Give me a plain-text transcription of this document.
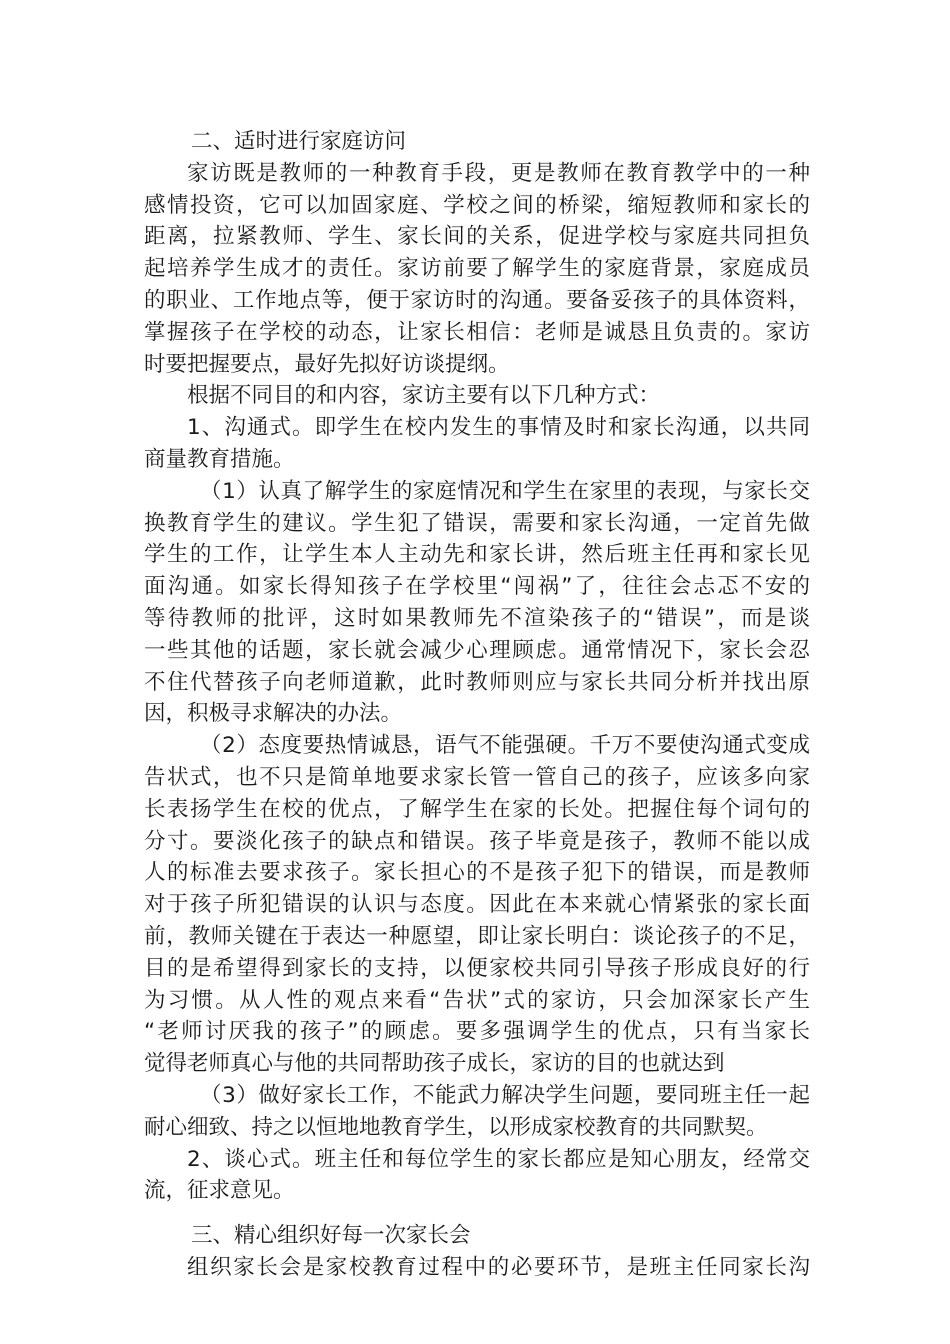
二、适时进行家庭访问
家访既是教师的一种教育手段，更是教师在教育教学中的一种
感情投资，它可以加固家庭、学校之间的桥梁，缩短教师和家长的
距离，拉紧教师、学生、家长间的关系，促进学校与家庭共同担负
起培养学生成才的责任。家访前要了解学生的家庭背景，家庭成员
的职业、工作地点等，便于家访时的沟通。要备妥孩子的具体资料，
掌握孩子在学校的动态，让家长相信：老师是诚恳且负责的。家访
时要把握要点，最好先拟好访谈提纲。
根据不同目的和内容，家访主要有以下几种方式：
1、沟通式。即学生在校内发生的事情及时和家长沟通，以共同
商量教育措施。
（1）认真了解学生的家庭情况和学生在家里的表现，与家长交
换教育学生的建议。学生犯了错误，需要和家长沟通，一定首先做
学生的工作，让学生本人主动先和家长讲，然后班主任再和家长见
面沟通。如家长得知孩子在学校里“闯祸”了，往往会忐忑不安的
等待教师的批评，这时如果教师先不渲染孩子的“错误”，而是谈
一些其他的话题，家长就会减少心理顾虑。通常情况下，家长会忍
不住代替孩子向老师道歉，此时教师则应与家长共同分析并找出原
因，积极寻求解决的办法。
（2）态度要热情诚恳，语气不能强硬。千万不要使沟通式变成
告状式，也不只是简单地要求家长管一管自己的孩子，应该多向家
长表扬学生在校的优点，了解学生在家的长处。把握住每个词句的
分寸。要淡化孩子的缺点和错误。孩子毕竟是孩子，教师不能以成
人的标准去要求孩子。家长担心的不是孩子犯下的错误，而是教师
对于孩子所犯错误的认识与态度。因此在本来就心情紧张的家长面
前，教师关键在于表达一种愿望，即让家长明白：谈论孩子的不足，
目的是希望得到家长的支持，以便家校共同引导孩子形成良好的行
为习惯。从人性的观点来看“告状”式的家访，只会加深家长产生
“老师讨厌我的孩子”的顾虑。要多强调学生的优点，只有当家长
觉得老师真心与他的共同帮助孩子成长，家访的目的也就达到
（3）做好家长工作，不能武力解决学生问题，要同班主任一起
耐心细致、持之以恒地地教育学生，以形成家校教育的共同默契。
2、谈心式。班主任和每位学生的家长都应是知心朋友，经常交
流，征求意见。
三、精心组织好每一次家长会
组织家长会是家校教育过程中的必要环节，是班主任同家长沟
